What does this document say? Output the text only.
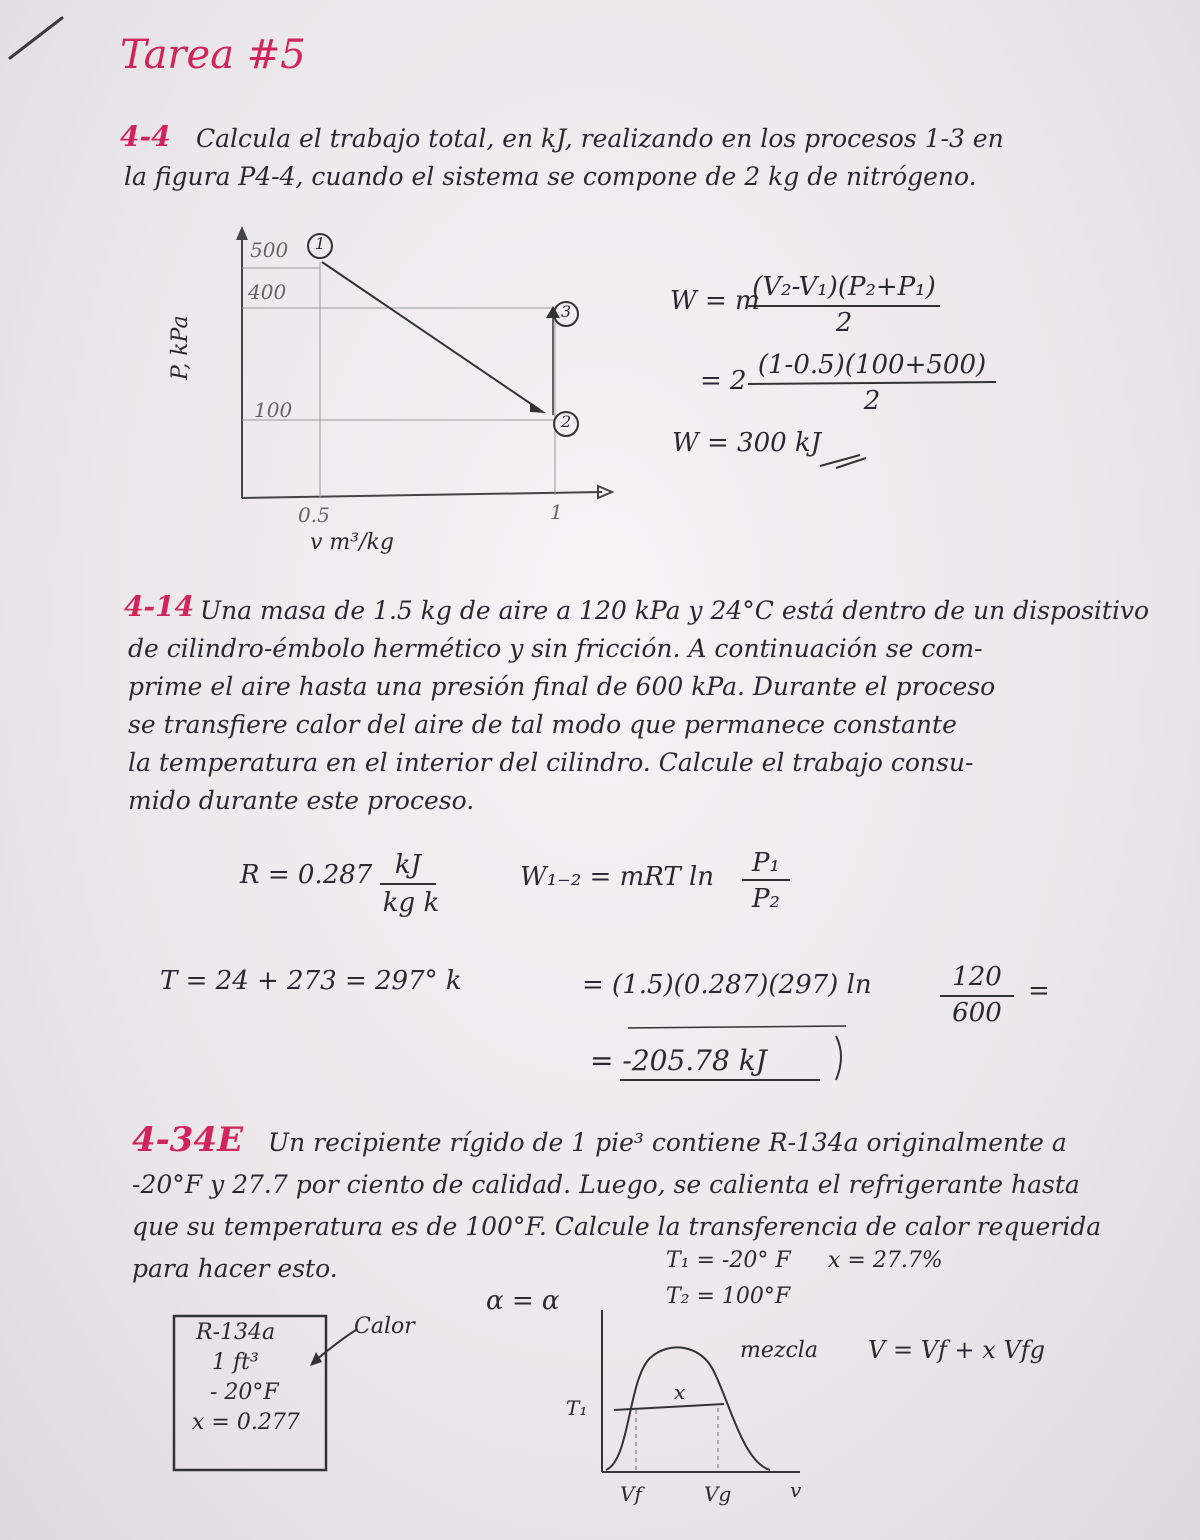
Tarea #5
4-4 Calcula el trabajo total, en kJ, realizando en los procesos 1-3 en
la figura P4-4, cuando el sistema se compone de 2 kg de nitrógeno.
500
400
100
0.5	1
v m³/kg
P, kPa
1
3
2
W = m
(V₂-V₁)(P₂+P₁)
2
= 2
(1-0.5)(100+500)
2
W = 300 kJ
4-14 Una masa de 1.5 kg de aire a 120 kPa y 24°C está dentro de un dispositivo
de cilindro-émbolo hermético y sin fricción. A continuación se com-
prime el aire hasta una presión final de 600 kPa. Durante el proceso
se transfiere calor del aire de tal modo que permanece constante
la temperatura en el interior del cilindro. Calcule el trabajo consu-
mido durante este proceso.
R = 0.287 kJ
kg k
W₁₋₂ = mRT ln	P₁
P₂
T = 24 + 273 = 297° k	= (1.5)(0.287)(297) ln	120
600
=
= -205.78 kJ
4-34E Un recipiente rígido de 1 pie³ contiene R-134a originalmente a
-20°F y 27.7 por ciento de calidad. Luego, se calienta el refrigerante hasta
que su temperatura es de 100°F. Calcule la transferencia de calor requerida
para hacer esto.
R-134a
1 ft³
- 20°F
x = 0.277
Calor
α = α
T₁ = -20° F x = 27.7%
T₂ = 100°F
mezcla V = Vf + x Vfg
T₁
x
Vf	Vg	v
